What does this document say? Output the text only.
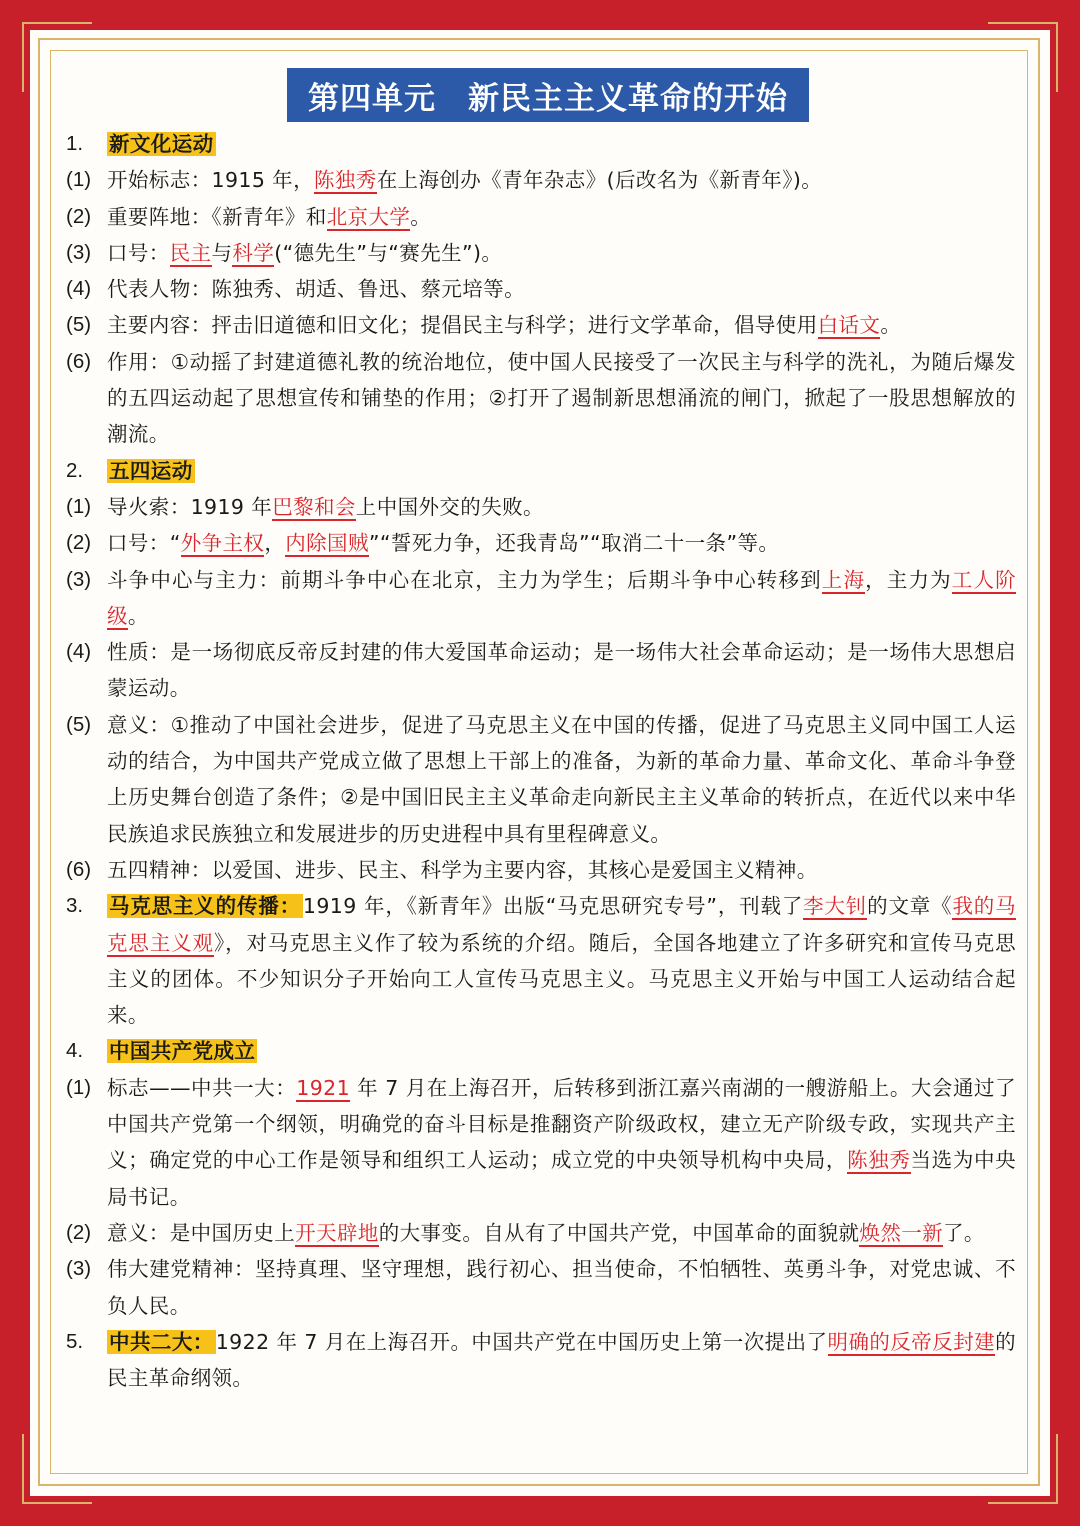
第四单元　新民主主义革命的开始
1.	新文化运动
(1) 开始标志：1915 年，陈独秀在上海创办《青年杂志》(后改名为《新青年》)。
(2) 重要阵地：《新青年》和北京大学。
(3) 口号：民主与科学(“德先生”与“赛先生”)。
(4) 代表人物：陈独秀、胡适、鲁迅、蔡元培等。
(5) 主要内容：抨击旧道德和旧文化；提倡民主与科学；进行文学革命，倡导使用白话文。
(6) 作用：①动摇了封建道德礼教的统治地位，使中国人民接受了一次民主与科学的洗礼，为随后爆发的五四运动起了思想宣传和铺垫的作用；②打开了遏制新思想涌流的闸门，掀起了一股思想解放的潮流。
2.	五四运动
(1) 导火索：1919 年巴黎和会上中国外交的失败。
(2) 口号：“外争主权，内除国贼”“誓死力争，还我青岛”“取消二十一条”等。
(3) 斗争中心与主力：前期斗争中心在北京，主力为学生；后期斗争中心转移到上海，主力为工人阶级。
(4) 性质：是一场彻底反帝反封建的伟大爱国革命运动；是一场伟大社会革命运动；是一场伟大思想启蒙运动。
(5) 意义：①推动了中国社会进步，促进了马克思主义在中国的传播，促进了马克思主义同中国工人运动的结合，为中国共产党成立做了思想上干部上的准备，为新的革命力量、革命文化、革命斗争登上历史舞台创造了条件；②是中国旧民主主义革命走向新民主主义革命的转折点，在近代以来中华民族追求民族独立和发展进步的历史进程中具有里程碑意义。
(6) 五四精神：以爱国、进步、民主、科学为主要内容，其核心是爱国主义精神。
3.	马克思主义的传播：1919 年，《新青年》出版“马克思研究专号”，刊载了李大钊的文章《我的马克思主义观》，对马克思主义作了较为系统的介绍。随后，全国各地建立了许多研究和宣传马克思主义的团体。不少知识分子开始向工人宣传马克思主义。马克思主义开始与中国工人运动结合起来。
4.	中国共产党成立
(1) 标志——中共一大：1921 年 7 月在上海召开，后转移到浙江嘉兴南湖的一艘游船上。大会通过了中国共产党第一个纲领，明确党的奋斗目标是推翻资产阶级政权，建立无产阶级专政，实现共产主义；确定党的中心工作是领导和组织工人运动；成立党的中央领导机构中央局，陈独秀当选为中央局书记。
(2) 意义：是中国历史上开天辟地的大事变。自从有了中国共产党，中国革命的面貌就焕然一新了。
(3) 伟大建党精神：坚持真理、坚守理想，践行初心、担当使命，不怕牺牲、英勇斗争，对党忠诚、不负人民。
5.	中共二大：1922 年 7 月在上海召开。中国共产党在中国历史上第一次提出了明确的反帝反封建的民主革命纲领。
